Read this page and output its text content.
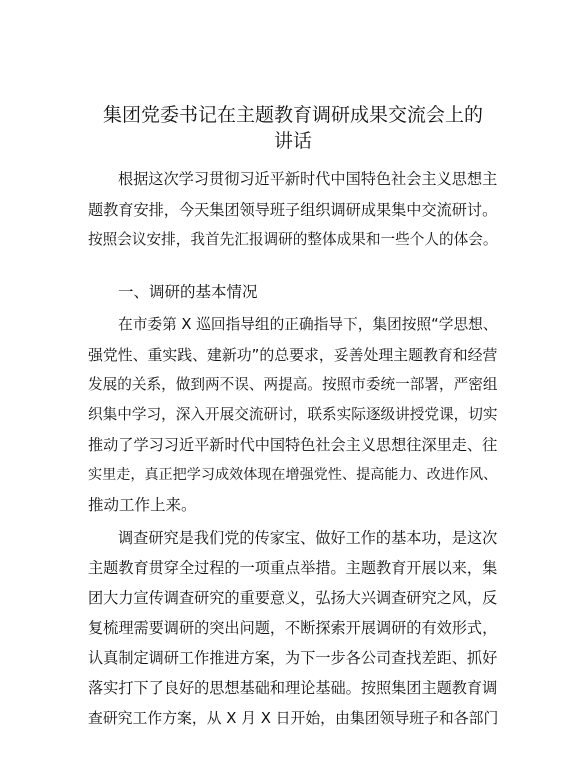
集团党委书记在主题教育调研成果交流会上的
讲话
根据这次学习贯彻习近平新时代中国特色社会主义思想主
题教育安排，今天集团领导班子组织调研成果集中交流研讨。
按照会议安排，我首先汇报调研的整体成果和一些个人的体会。
一、调研的基本情况
在市委第 X 巡回指导组的正确指导下，集团按照“学思想、
强党性、重实践、建新功”的总要求，妥善处理主题教育和经营
发展的关系，做到两不误、两提高。按照市委统一部署，严密组
织集中学习，深入开展交流研讨，联系实际逐级讲授党课，切实
推动了学习习近平新时代中国特色社会主义思想往深里走、往
实里走，真正把学习成效体现在增强党性、提高能力、改进作风、
推动工作上来。
调查研究是我们党的传家宝、做好工作的基本功，是这次
主题教育贯穿全过程的一项重点举措。主题教育开展以来，集
团大力宣传调查研究的重要意义，弘扬大兴调查研究之风，反
复梳理需要调研的突出问题，不断探索开展调研的有效形式，
认真制定调研工作推进方案，为下一步各公司查找差距、抓好
落实打下了良好的思想基础和理论基础。按照集团主题教育调
查研究工作方案，从 X 月 X 日开始，由集团领导班子和各部门
